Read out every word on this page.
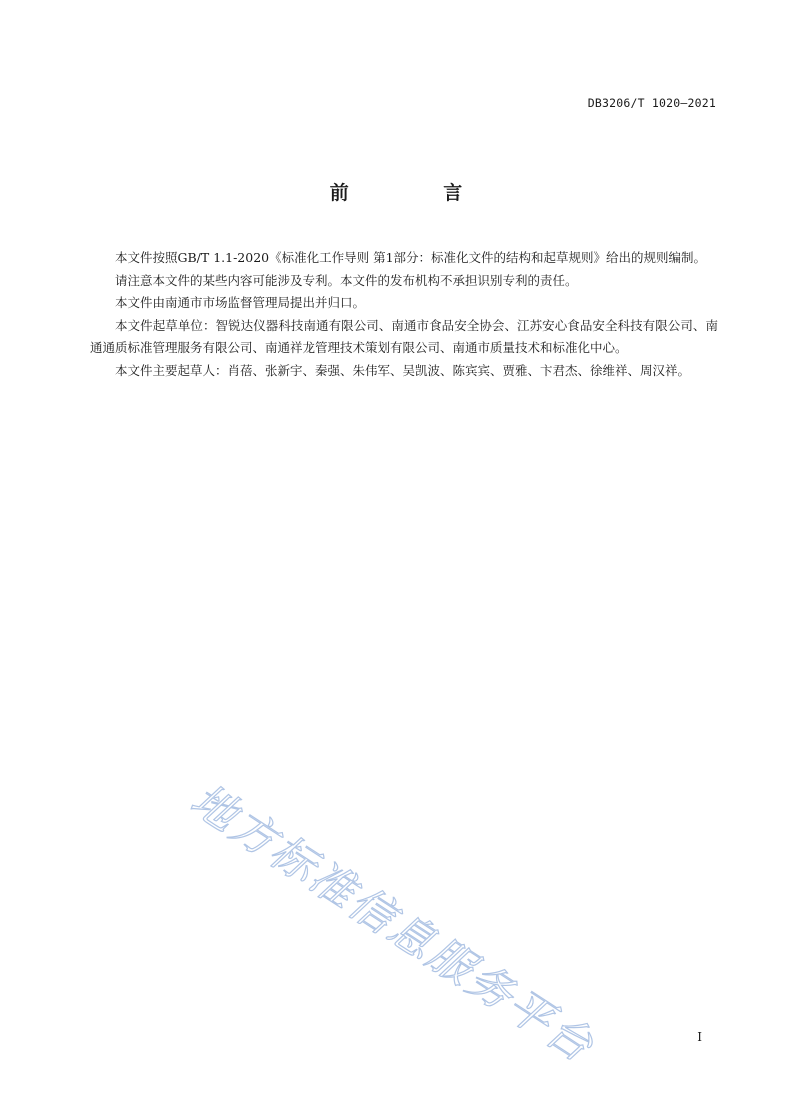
DB3206/T 1020—2021
前 言

本文件按照GB/T 1.1-2020《标准化工作导则 第1部分：标准化文件的结构和起草规则》给出的规则编制。

请注意本文件的某些内容可能涉及专利。本文件的发布机构不承担识别专利的责任。

本文件由南通市市场监督管理局提出并归口。

本文件起草单位：智锐达仪器科技南通有限公司、南通市食品安全协会、江苏安心食品安全科技有限公司、南通通质标准管理服务有限公司、南通祥龙管理技术策划有限公司、南通市质量技术和标准化中心。

本文件主要起草人：肖蓓、张新宇、秦强、朱伟军、吴凯波、陈宾宾、贾雅、卞君杰、徐维祥、周汉祥。

地方标准信息服务平台	I
